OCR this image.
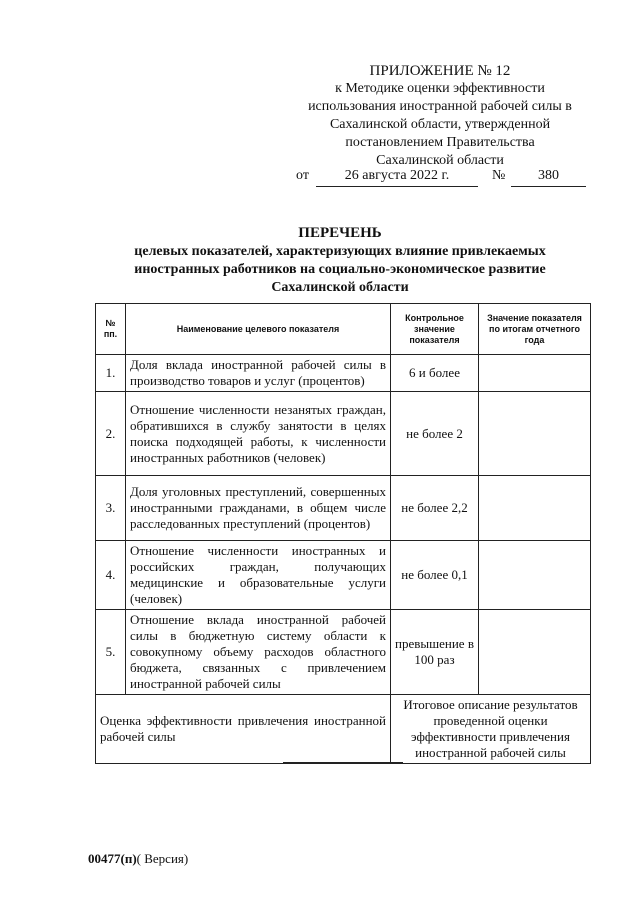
ПРИЛОЖЕНИЕ № 12
к Методике оценки эффективности
использования иностранной рабочей силы в
Сахалинской области, утвержденной
постановлением Правительства
Сахалинской области
от	26 августа 2022 г.	№	380
ПЕРЕЧЕНЬ
целевых показателей, характеризующих влияние привлекаемых
иностранных работников на социально-экономическое развитие
Сахалинской области
№ пп.	Наименование целевого показателя	Контрольное значение показателя	Значение показателя по итогам отчетного года
1.	Доля вклада иностранной рабочей силы в производство товаров и услуг (процентов)	6 и более	
2.	Отношение численности незанятых граждан, обратившихся в службу занятости в целях поиска подходящей работы, к численности иностранных работников (человек)	не более 2	
3.	Доля уголовных преступлений, совершенных иностранными гражданами, в общем числе расследованных преступлений (процентов)	не более 2,2	
4.	Отношение численности иностранных и российских граждан, получающих медицинские и образовательные услуги (человек)	не более 0,1	
5.	Отношение вклада иностранной рабочей силы в бюджетную систему области к совокупному объему расходов областного бюджета, связанных с привлечением иностранной рабочей силы	превышение в 100 раз	
Оценка эффективности привлечения иностранной рабочей силы		Итоговое описание результатов проведенной оценки эффективности привлечения иностранной рабочей силы	
00477(п)( Версия)
